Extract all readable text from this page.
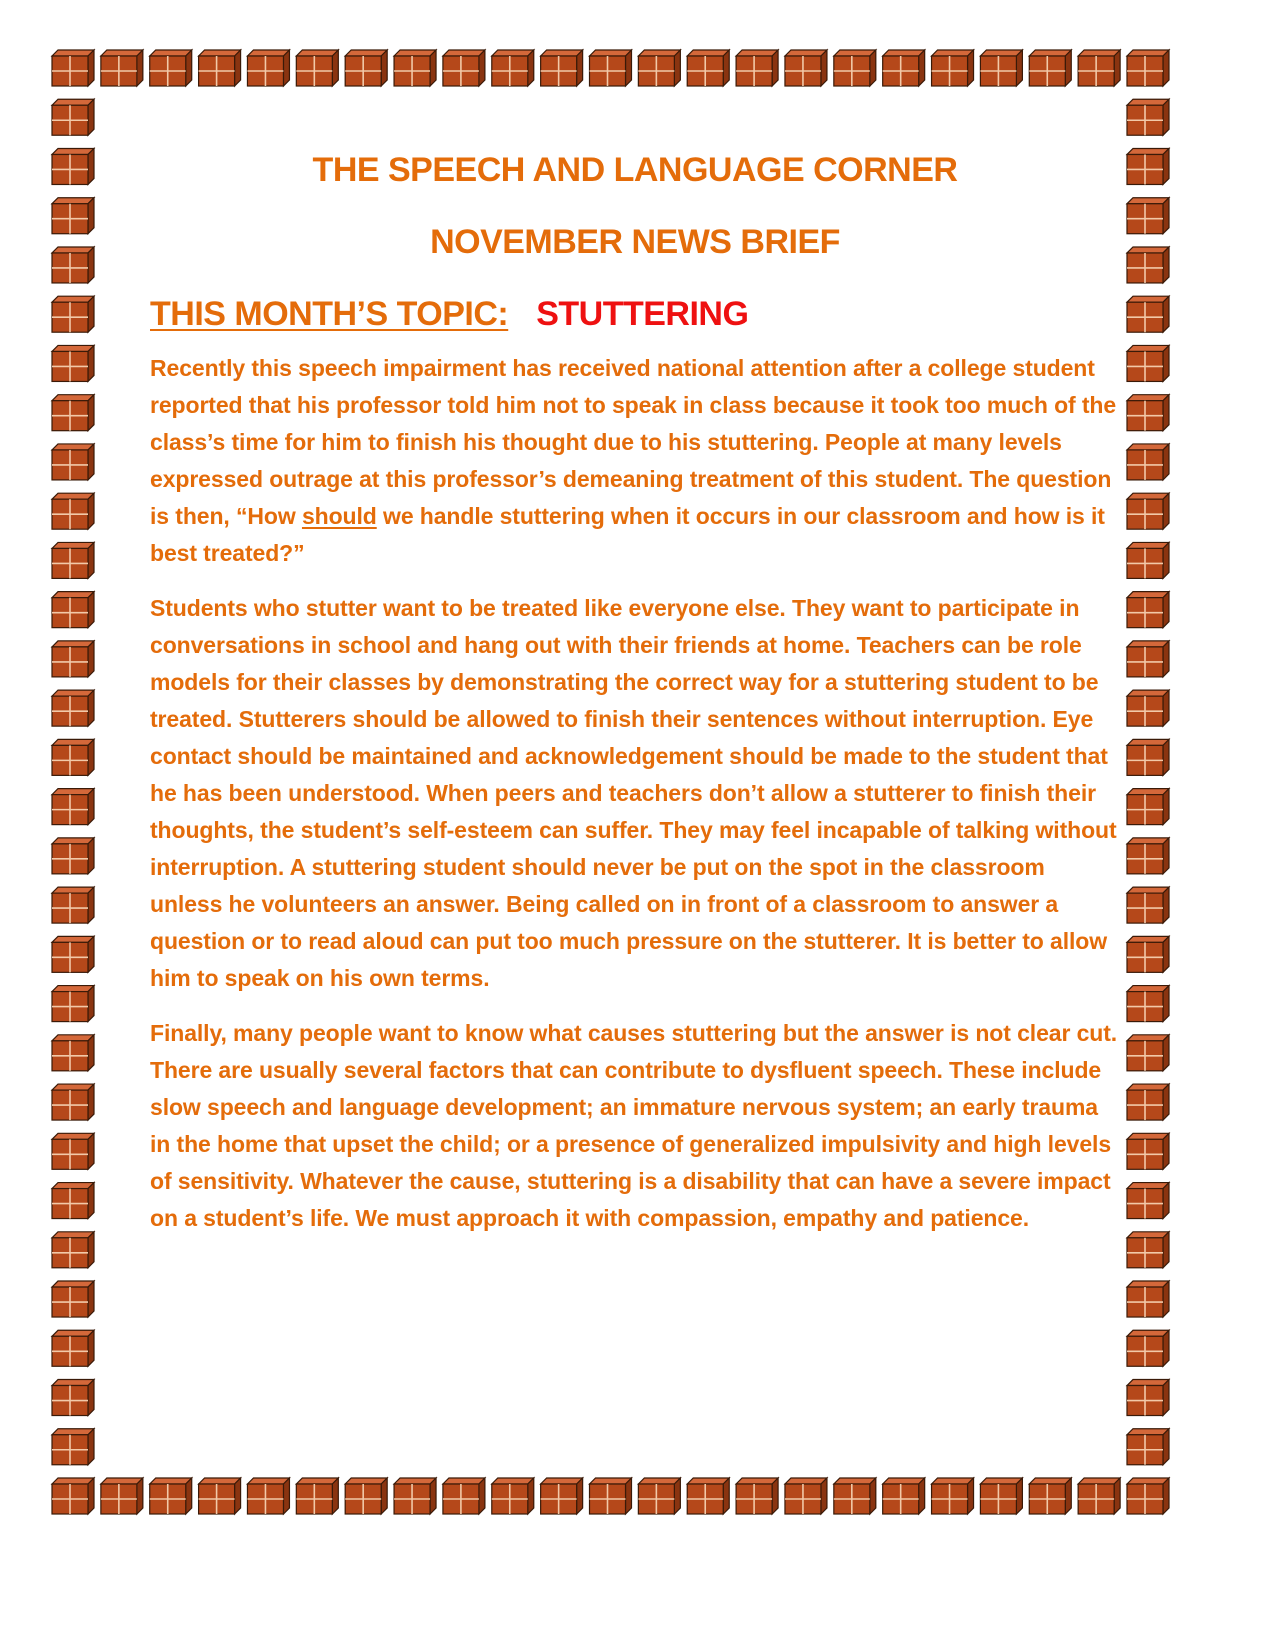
THE SPEECH AND LANGUAGE CORNER
NOVEMBER NEWS BRIEF
THIS MONTH’S TOPIC: STUTTERING

Recently this speech impairment has received national attention after a college student reported that his professor told him not to speak in class because it took too much of the class’s time for him to finish his thought due to his stuttering. People at many levels expressed outrage at this professor’s demeaning treatment of this student. The question is then, “How should we handle stuttering when it occurs in our classroom and how is it best treated?”

Students who stutter want to be treated like everyone else. They want to participate in conversations in school and hang out with their friends at home. Teachers can be role models for their classes by demonstrating the correct way for a stuttering student to be treated. Stutterers should be allowed to finish their sentences without interruption. Eye contact should be maintained and acknowledgement should be made to the student that he has been understood. When peers and teachers don’t allow a stutterer to finish their thoughts, the student’s self-esteem can suffer. They may feel incapable of talking without interruption. A stuttering student should never be put on the spot in the classroom unless he volunteers an answer. Being called on in front of a classroom to answer a question or to read aloud can put too much pressure on the stutterer. It is better to allow him to speak on his own terms.

Finally, many people want to know what causes stuttering but the answer is not clear cut. There are usually several factors that can contribute to dysfluent speech. These include slow speech and language development; an immature nervous system; an early trauma in the home that upset the child; or a presence of generalized impulsivity and high levels of sensitivity. Whatever the cause, stuttering is a disability that can have a severe impact on a student’s life. We must approach it with compassion, empathy and patience.
